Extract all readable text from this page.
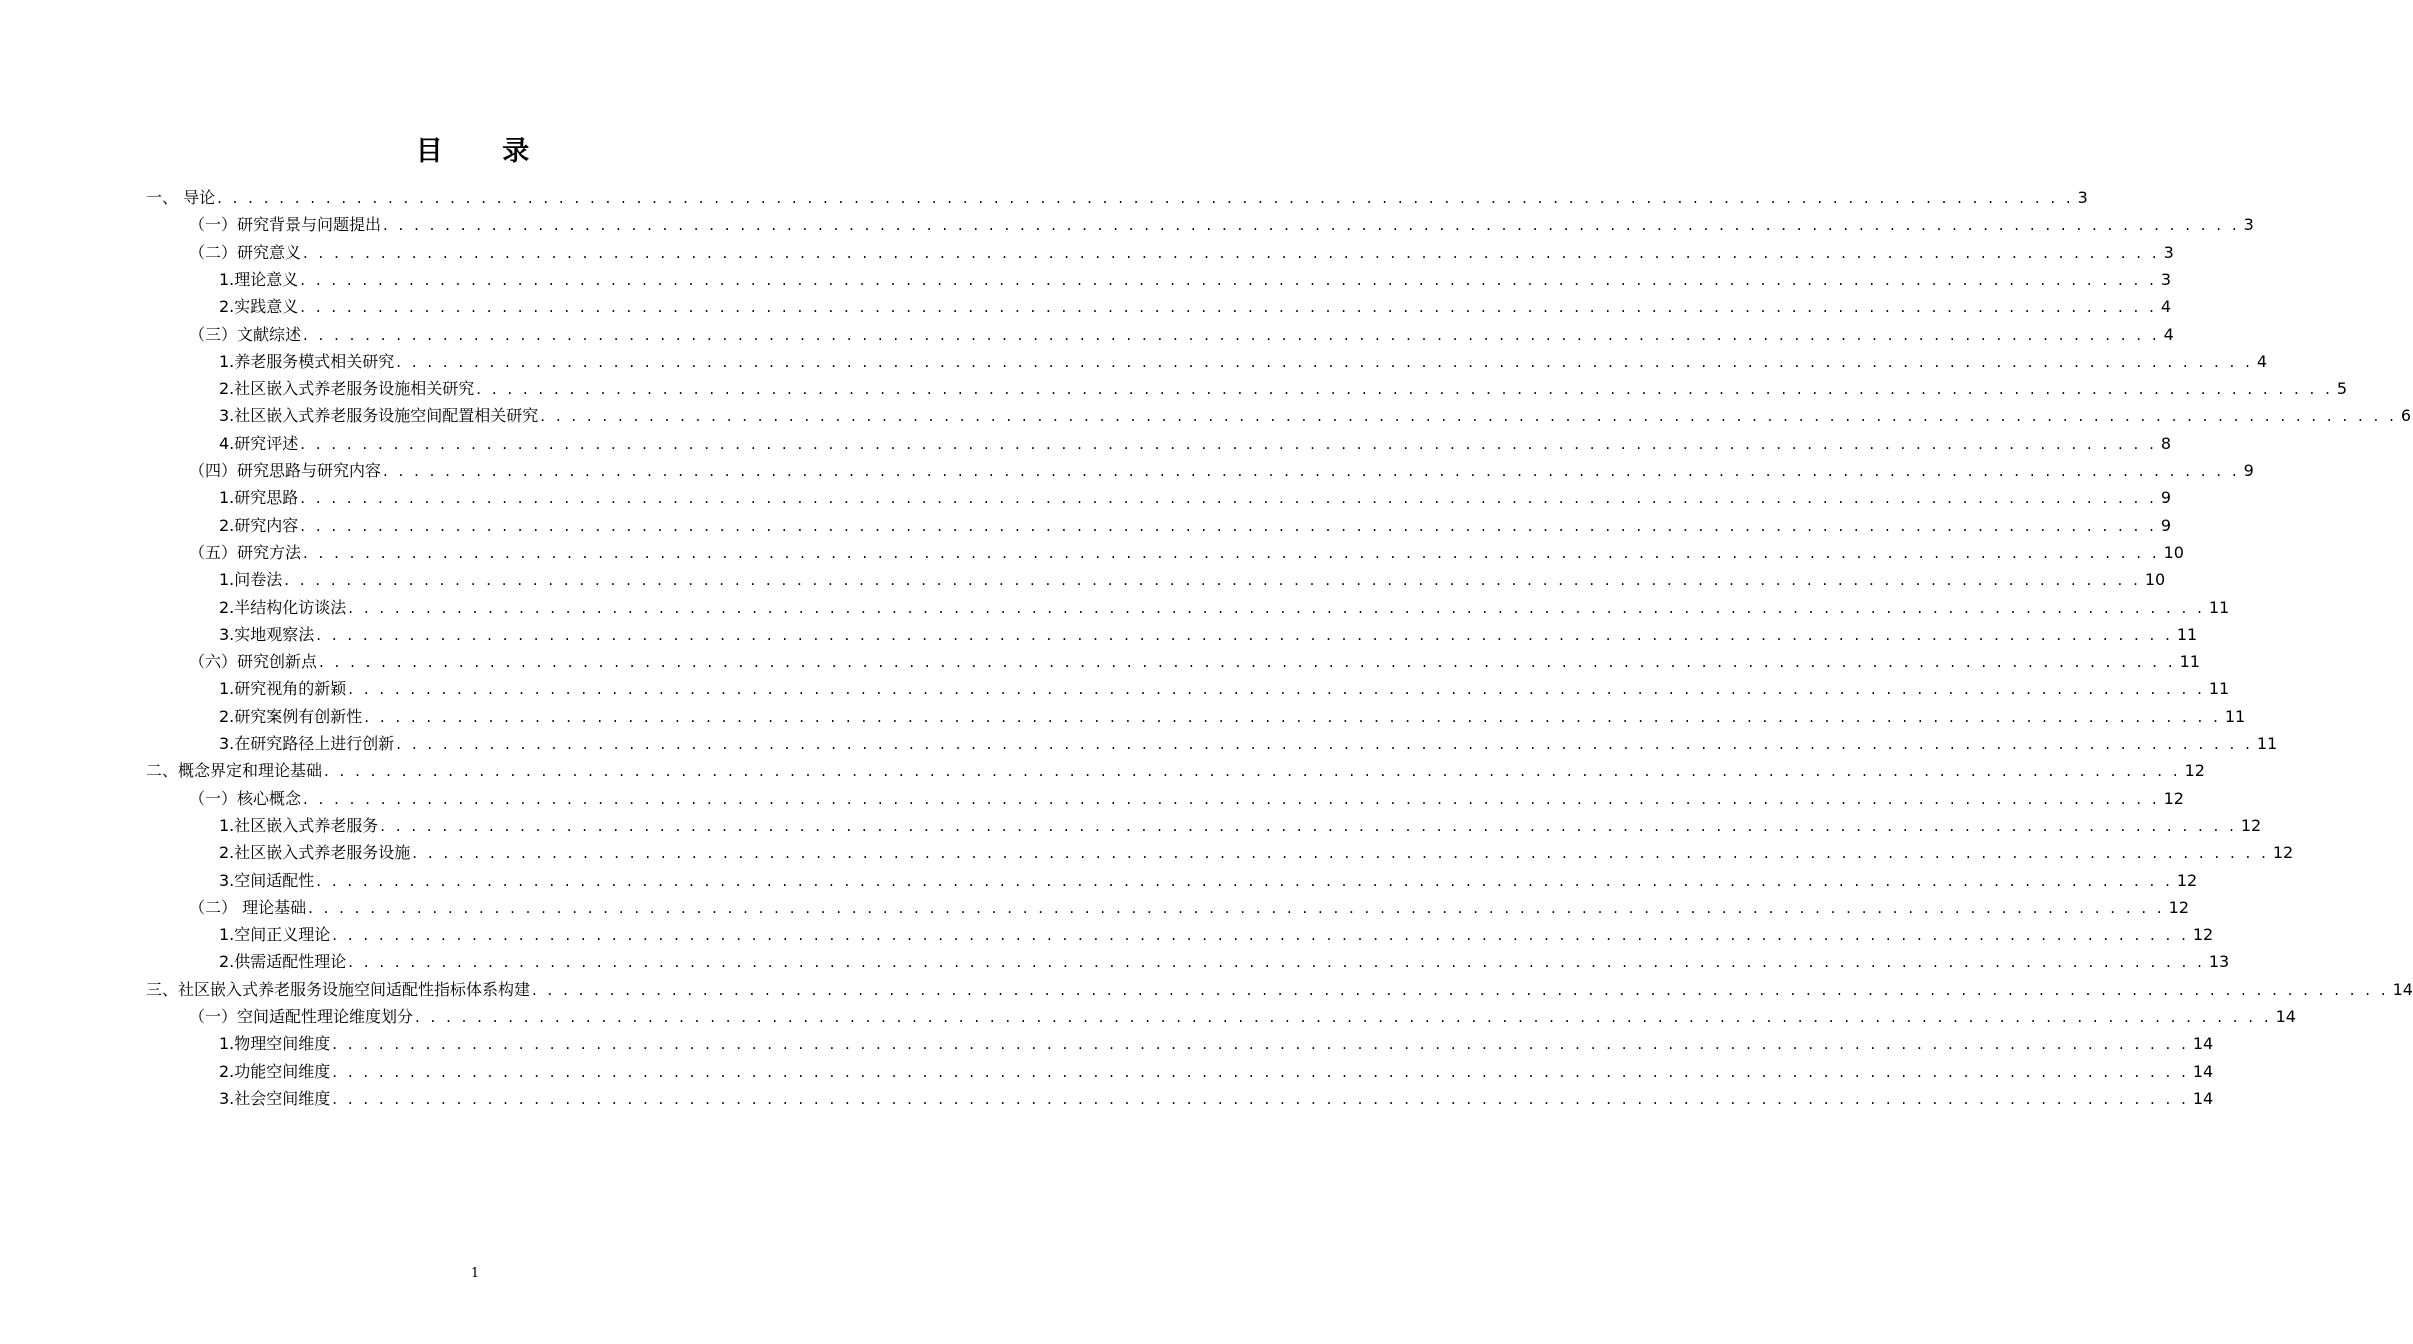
目 录
一、 导论 . . . . . . . . . . . . . . . . . . . . . . . . . . . . . . . . . . . . . . . . . . . . . . . . . . . . . . . . . . . . . . . . . . . . . . . . . . . . . . . . . . . . . . . . . . . . . . . . . . . . . . . . . . . . . . . . . . . . . . . . 3
（一）研究背景与问题提出 . . . . . . . . . . . . . . . . . . . . . . . . . . . . . . . . . . . . . . . . . . . . . . . . . . . . . . . . . . . . . . . . . . . . . . . . . . . . . . . . . . . . . . . . . . . . . . . . . . . . . . . . . . . . . . . . . . . . . . . . 3
（二）研究意义 . . . . . . . . . . . . . . . . . . . . . . . . . . . . . . . . . . . . . . . . . . . . . . . . . . . . . . . . . . . . . . . . . . . . . . . . . . . . . . . . . . . . . . . . . . . . . . . . . . . . . . . . . . . . . . . . . . . . . . . . 3
1.理论意义 . . . . . . . . . . . . . . . . . . . . . . . . . . . . . . . . . . . . . . . . . . . . . . . . . . . . . . . . . . . . . . . . . . . . . . . . . . . . . . . . . . . . . . . . . . . . . . . . . . . . . . . . . . . . . . . . . . . . . . . . 3
2.实践意义 . . . . . . . . . . . . . . . . . . . . . . . . . . . . . . . . . . . . . . . . . . . . . . . . . . . . . . . . . . . . . . . . . . . . . . . . . . . . . . . . . . . . . . . . . . . . . . . . . . . . . . . . . . . . . . . . . . . . . . . . 4
（三）文献综述 . . . . . . . . . . . . . . . . . . . . . . . . . . . . . . . . . . . . . . . . . . . . . . . . . . . . . . . . . . . . . . . . . . . . . . . . . . . . . . . . . . . . . . . . . . . . . . . . . . . . . . . . . . . . . . . . . . . . . . . . 4
1.养老服务模式相关研究 . . . . . . . . . . . . . . . . . . . . . . . . . . . . . . . . . . . . . . . . . . . . . . . . . . . . . . . . . . . . . . . . . . . . . . . . . . . . . . . . . . . . . . . . . . . . . . . . . . . . . . . . . . . . . . . . . . . . . . . . 4
2.社区嵌入式养老服务设施相关研究 . . . . . . . . . . . . . . . . . . . . . . . . . . . . . . . . . . . . . . . . . . . . . . . . . . . . . . . . . . . . . . . . . . . . . . . . . . . . . . . . . . . . . . . . . . . . . . . . . . . . . . . . . . . . . . . . . . . . . . . . 5
3.社区嵌入式养老服务设施空间配置相关研究 . . . . . . . . . . . . . . . . . . . . . . . . . . . . . . . . . . . . . . . . . . . . . . . . . . . . . . . . . . . . . . . . . . . . . . . . . . . . . . . . . . . . . . . . . . . . . . . . . . . . . . . . . . . . . . . . . . . . . . . . 6
4.研究评述 . . . . . . . . . . . . . . . . . . . . . . . . . . . . . . . . . . . . . . . . . . . . . . . . . . . . . . . . . . . . . . . . . . . . . . . . . . . . . . . . . . . . . . . . . . . . . . . . . . . . . . . . . . . . . . . . . . . . . . . . 8
（四）研究思路与研究内容 . . . . . . . . . . . . . . . . . . . . . . . . . . . . . . . . . . . . . . . . . . . . . . . . . . . . . . . . . . . . . . . . . . . . . . . . . . . . . . . . . . . . . . . . . . . . . . . . . . . . . . . . . . . . . . . . . . . . . . . . 9
1.研究思路 . . . . . . . . . . . . . . . . . . . . . . . . . . . . . . . . . . . . . . . . . . . . . . . . . . . . . . . . . . . . . . . . . . . . . . . . . . . . . . . . . . . . . . . . . . . . . . . . . . . . . . . . . . . . . . . . . . . . . . . . 9
2.研究内容 . . . . . . . . . . . . . . . . . . . . . . . . . . . . . . . . . . . . . . . . . . . . . . . . . . . . . . . . . . . . . . . . . . . . . . . . . . . . . . . . . . . . . . . . . . . . . . . . . . . . . . . . . . . . . . . . . . . . . . . . 9
（五）研究方法 . . . . . . . . . . . . . . . . . . . . . . . . . . . . . . . . . . . . . . . . . . . . . . . . . . . . . . . . . . . . . . . . . . . . . . . . . . . . . . . . . . . . . . . . . . . . . . . . . . . . . . . . . . . . . . . . . . . . . . . . 10
1.问卷法 . . . . . . . . . . . . . . . . . . . . . . . . . . . . . . . . . . . . . . . . . . . . . . . . . . . . . . . . . . . . . . . . . . . . . . . . . . . . . . . . . . . . . . . . . . . . . . . . . . . . . . . . . . . . . . . . . . . . . . . . 10
2.半结构化访谈法 . . . . . . . . . . . . . . . . . . . . . . . . . . . . . . . . . . . . . . . . . . . . . . . . . . . . . . . . . . . . . . . . . . . . . . . . . . . . . . . . . . . . . . . . . . . . . . . . . . . . . . . . . . . . . . . . . . . . . . . . 11
3.实地观察法 . . . . . . . . . . . . . . . . . . . . . . . . . . . . . . . . . . . . . . . . . . . . . . . . . . . . . . . . . . . . . . . . . . . . . . . . . . . . . . . . . . . . . . . . . . . . . . . . . . . . . . . . . . . . . . . . . . . . . . . . 11
（六）研究创新点 . . . . . . . . . . . . . . . . . . . . . . . . . . . . . . . . . . . . . . . . . . . . . . . . . . . . . . . . . . . . . . . . . . . . . . . . . . . . . . . . . . . . . . . . . . . . . . . . . . . . . . . . . . . . . . . . . . . . . . . . 11
1.研究视角的新颖 . . . . . . . . . . . . . . . . . . . . . . . . . . . . . . . . . . . . . . . . . . . . . . . . . . . . . . . . . . . . . . . . . . . . . . . . . . . . . . . . . . . . . . . . . . . . . . . . . . . . . . . . . . . . . . . . . . . . . . . . 11
2.研究案例有创新性 . . . . . . . . . . . . . . . . . . . . . . . . . . . . . . . . . . . . . . . . . . . . . . . . . . . . . . . . . . . . . . . . . . . . . . . . . . . . . . . . . . . . . . . . . . . . . . . . . . . . . . . . . . . . . . . . . . . . . . . . 11
3.在研究路径上进行创新 . . . . . . . . . . . . . . . . . . . . . . . . . . . . . . . . . . . . . . . . . . . . . . . . . . . . . . . . . . . . . . . . . . . . . . . . . . . . . . . . . . . . . . . . . . . . . . . . . . . . . . . . . . . . . . . . . . . . . . . . 11
二、概念界定和理论基础 . . . . . . . . . . . . . . . . . . . . . . . . . . . . . . . . . . . . . . . . . . . . . . . . . . . . . . . . . . . . . . . . . . . . . . . . . . . . . . . . . . . . . . . . . . . . . . . . . . . . . . . . . . . . . . . . . . . . . . . . 12
（一）核心概念 . . . . . . . . . . . . . . . . . . . . . . . . . . . . . . . . . . . . . . . . . . . . . . . . . . . . . . . . . . . . . . . . . . . . . . . . . . . . . . . . . . . . . . . . . . . . . . . . . . . . . . . . . . . . . . . . . . . . . . . . 12
1.社区嵌入式养老服务 . . . . . . . . . . . . . . . . . . . . . . . . . . . . . . . . . . . . . . . . . . . . . . . . . . . . . . . . . . . . . . . . . . . . . . . . . . . . . . . . . . . . . . . . . . . . . . . . . . . . . . . . . . . . . . . . . . . . . . . . 12
2.社区嵌入式养老服务设施 . . . . . . . . . . . . . . . . . . . . . . . . . . . . . . . . . . . . . . . . . . . . . . . . . . . . . . . . . . . . . . . . . . . . . . . . . . . . . . . . . . . . . . . . . . . . . . . . . . . . . . . . . . . . . . . . . . . . . . . . 12
3.空间适配性 . . . . . . . . . . . . . . . . . . . . . . . . . . . . . . . . . . . . . . . . . . . . . . . . . . . . . . . . . . . . . . . . . . . . . . . . . . . . . . . . . . . . . . . . . . . . . . . . . . . . . . . . . . . . . . . . . . . . . . . . 12
（二） 理论基础 . . . . . . . . . . . . . . . . . . . . . . . . . . . . . . . . . . . . . . . . . . . . . . . . . . . . . . . . . . . . . . . . . . . . . . . . . . . . . . . . . . . . . . . . . . . . . . . . . . . . . . . . . . . . . . . . . . . . . . . . 12
1.空间正义理论 . . . . . . . . . . . . . . . . . . . . . . . . . . . . . . . . . . . . . . . . . . . . . . . . . . . . . . . . . . . . . . . . . . . . . . . . . . . . . . . . . . . . . . . . . . . . . . . . . . . . . . . . . . . . . . . . . . . . . . . . 12
2.供需适配性理论 . . . . . . . . . . . . . . . . . . . . . . . . . . . . . . . . . . . . . . . . . . . . . . . . . . . . . . . . . . . . . . . . . . . . . . . . . . . . . . . . . . . . . . . . . . . . . . . . . . . . . . . . . . . . . . . . . . . . . . . . 13
三、社区嵌入式养老服务设施空间适配性指标体系构建 . . . . . . . . . . . . . . . . . . . . . . . . . . . . . . . . . . . . . . . . . . . . . . . . . . . . . . . . . . . . . . . . . . . . . . . . . . . . . . . . . . . . . . . . . . . . . . . . . . . . . . . . . . . . . . . . . . . . . . . . 14
（一）空间适配性理论维度划分 . . . . . . . . . . . . . . . . . . . . . . . . . . . . . . . . . . . . . . . . . . . . . . . . . . . . . . . . . . . . . . . . . . . . . . . . . . . . . . . . . . . . . . . . . . . . . . . . . . . . . . . . . . . . . . . . . . . . . . . . 14
1.物理空间维度 . . . . . . . . . . . . . . . . . . . . . . . . . . . . . . . . . . . . . . . . . . . . . . . . . . . . . . . . . . . . . . . . . . . . . . . . . . . . . . . . . . . . . . . . . . . . . . . . . . . . . . . . . . . . . . . . . . . . . . . . 14
2.功能空间维度 . . . . . . . . . . . . . . . . . . . . . . . . . . . . . . . . . . . . . . . . . . . . . . . . . . . . . . . . . . . . . . . . . . . . . . . . . . . . . . . . . . . . . . . . . . . . . . . . . . . . . . . . . . . . . . . . . . . . . . . . 14
3.社会空间维度 . . . . . . . . . . . . . . . . . . . . . . . . . . . . . . . . . . . . . . . . . . . . . . . . . . . . . . . . . . . . . . . . . . . . . . . . . . . . . . . . . . . . . . . . . . . . . . . . . . . . . . . . . . . . . . . . . . . . . . . . 14
1
